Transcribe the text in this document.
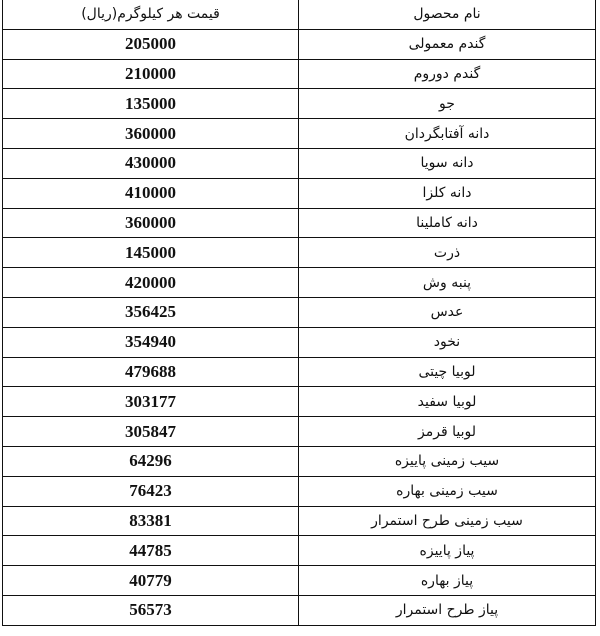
نام محصول	قیمت هر کیلوگرم(ریال)
گندم معمولی	205000
گندم دوروم	210000
جو	135000
دانه آفتابگردان	360000
دانه سویا	430000
دانه کلزا	410000
دانه کاملینا	360000
ذرت	145000
پنبه وش	420000
عدس	356425
نخود	354940
لوبیا چیتی	479688
لوبیا سفید	303177
لوبیا قرمز	305847
سیب زمینی پاییزه	64296
سیب زمینی بهاره	76423
سیب زمینی طرح استمرار	83381
پیاز پاییزه	44785
پیاز بهاره	40779
پیاز طرح استمرار	56573
